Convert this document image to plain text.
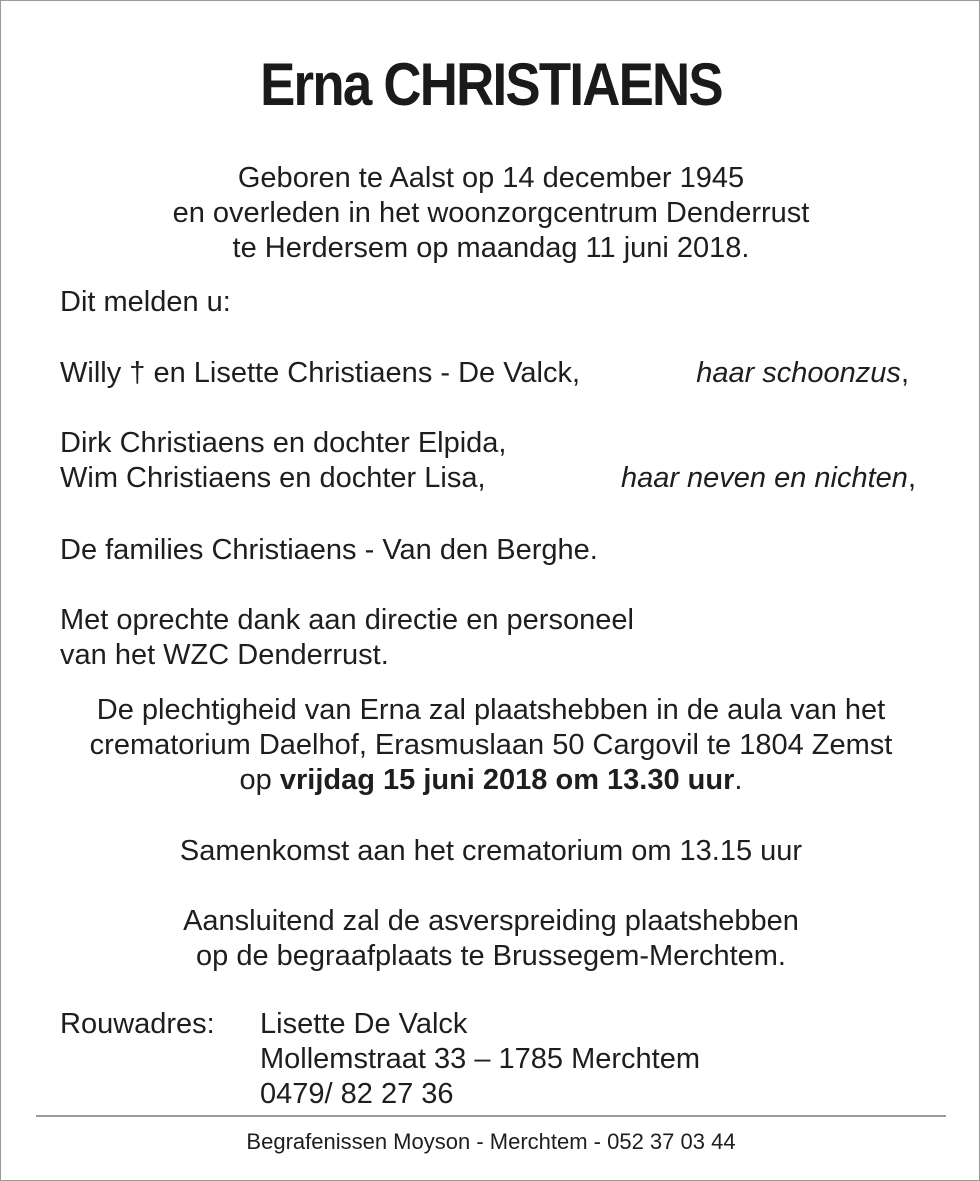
Erna CHRISTIAENS
Geboren te Aalst op 14 december 1945
en overleden in het woonzorgcentrum Denderrust
te Herdersem op maandag 11 juni 2018.
Dit melden u:
Willy † en Lisette Christiaens - De Valck,	haar schoonzus,
Dirk Christiaens en dochter Elpida,
Wim Christiaens en dochter Lisa,	haar neven en nichten,
De families Christiaens - Van den Berghe.
Met oprechte dank aan directie en personeel
van het WZC Denderrust.
De plechtigheid van Erna zal plaatshebben in de aula van het
crematorium Daelhof, Erasmuslaan 50 Cargovil te 1804 Zemst
op vrijdag 15 juni 2018 om 13.30 uur.
Samenkomst aan het crematorium om 13.15 uur
Aansluitend zal de asverspreiding plaatshebben
op de begraafplaats te Brussegem-Merchtem.
Rouwadres: Lisette De Valck
Mollemstraat 33 – 1785 Merchtem
0479/ 82 27 36
Begrafenissen Moyson - Merchtem - 052 37 03 44
